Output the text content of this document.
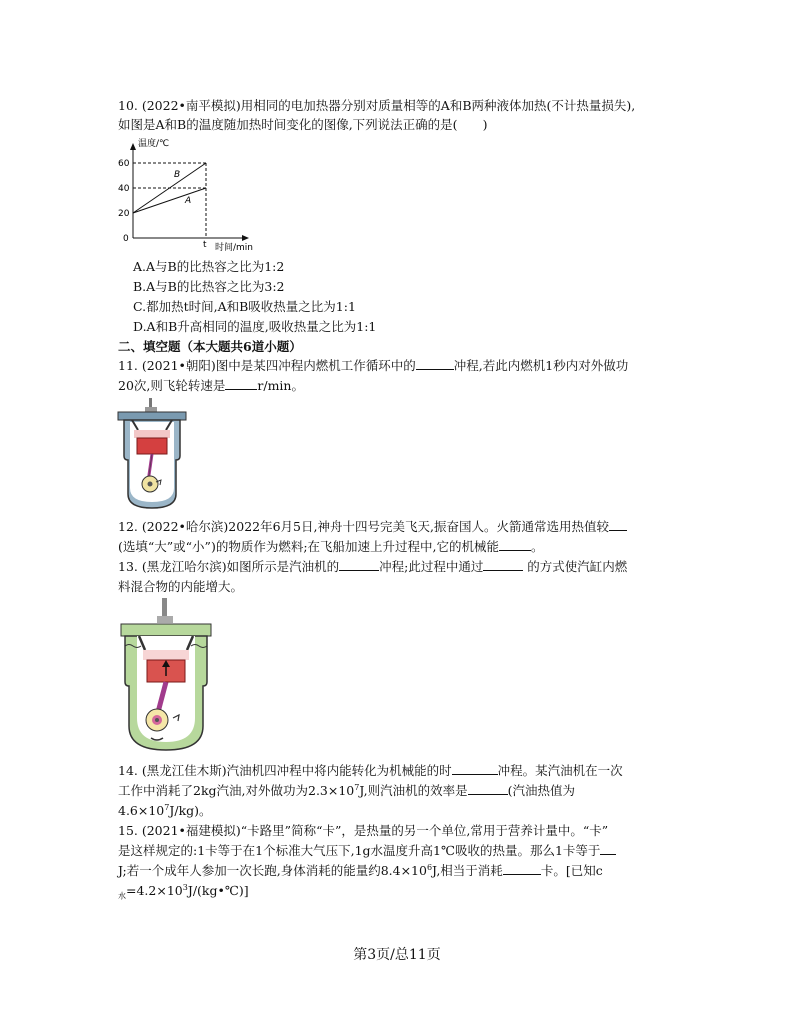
10. (2022•南平模拟)用相同的电加热器分别对质量相等的A和B两种液体加热(不计热量损失),
如图是A和B的温度随加热时间变化的图像,下列说法正确的是(　　)
温度/℃
B
A
60
40
20
0
t 时间/min
A.A与B的比热容之比为1:2
B.A与B的比热容之比为3:2
C.都加热t时间,A和B吸收热量之比为1:1
D.A和B升高相同的温度,吸收热量之比为1:1
二、填空题（本大题共6道小题）
11. (2021•朝阳)图中是某四冲程内燃机工作循环中的	冲程,若此内燃机1秒内对外做功
20次,则飞轮转速是	r/min。
12. (2022•哈尔滨)2022年6月5日,神舟十四号完美飞天,振奋国人。火箭通常选用热值较
(选填“大”或“小”)的物质作为燃料;在飞船加速上升过程中,它的机械能	。
13. (黑龙江哈尔滨)如图所示是汽油机的	冲程;此过程中通过	的方式使汽缸内燃
料混合物的内能增大。
14. (黑龙江佳木斯)汽油机四冲程中将内能转化为机械能的时	冲程。某汽油机在一次
工作中消耗了2kg汽油,对外做功为$2.3\times 10^7J$,则汽油机的效率是	(汽油热值为
$4.6\times 10^7J/kg$)。
15. (2021•福建模拟)“卡路里”简称“卡”，是热量的另一个单位,常用于营养计量中。“卡”
是这样规定的:1卡等于在1个标准大气压下,1g水温度升高1℃吸收的热量。那么1卡等于
J;若一个成年人参加一次长跑,身体消耗的能量约$8.4\times 10^6J$,相当于消耗	卡。[已知c
$_水=4.2\times 10^3J/(kg•℃)$]
第3页/总11页
